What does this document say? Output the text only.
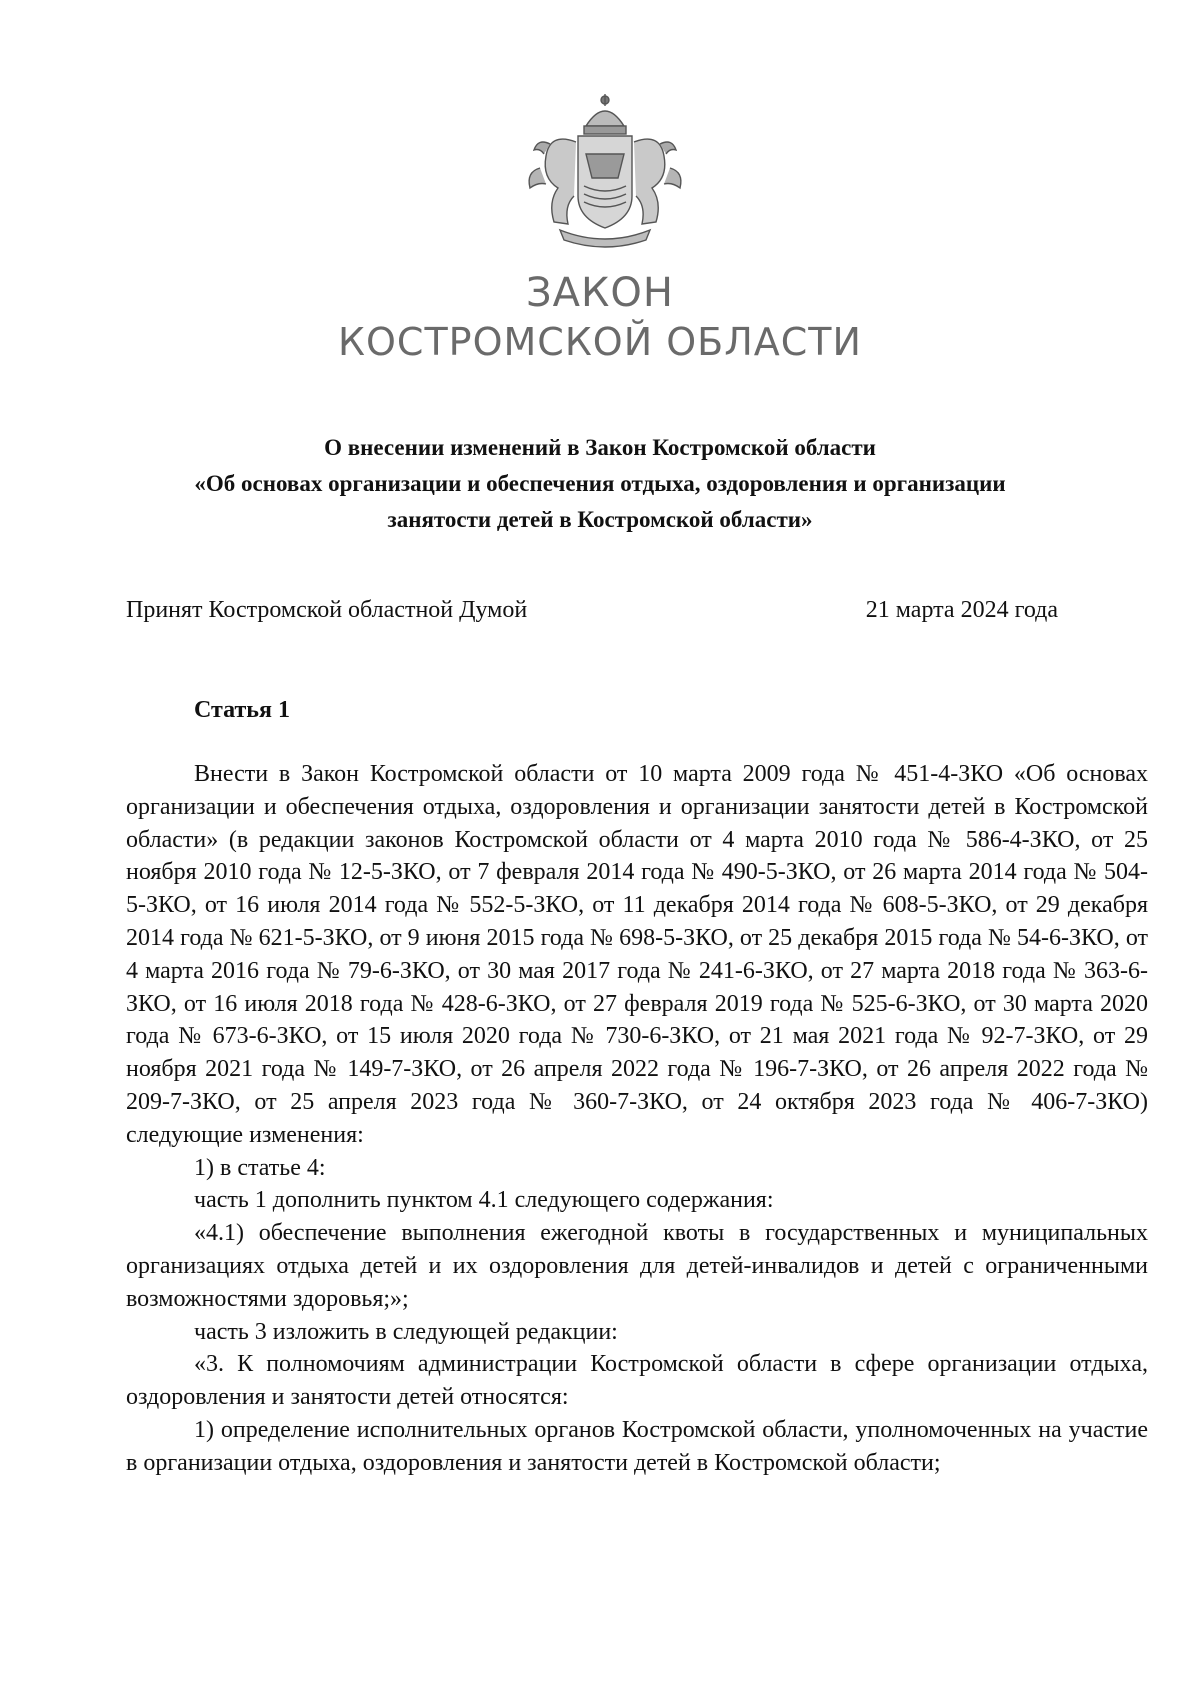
ЗАКОН
КОСТРОМСКОЙ ОБЛАСТИ
О внесении изменений в Закон Костромской области
«Об основах организации и обеспечения отдыха, оздоровления и организации
занятости детей в Костромской области»
Принят Костромской областной Думой	21 марта 2024 года
Статья 1

Внести в Закон Костромской области от 10 марта 2009 года № 451-4-ЗКО «Об основах организации и обеспечения отдыха, оздоровления и организации занятости детей в Костромской области» (в редакции законов Костромской области от 4 марта 2010 года № 586-4-ЗКО, от 25 ноября 2010 года № 12-5-ЗКО, от 7 февраля 2014 года № 490-5-ЗКО, от 26 марта 2014 года № 504-5-ЗКО, от 16 июля 2014 года № 552-5-ЗКО, от 11 декабря 2014 года № 608-5-ЗКО, от 29 декабря 2014 года № 621-5-ЗКО, от 9 июня 2015 года № 698-5-ЗКО, от 25 декабря 2015 года № 54-6-ЗКО, от 4 марта 2016 года № 79-6-ЗКО, от 30 мая 2017 года № 241-6-ЗКО, от 27 марта 2018 года № 363-6-ЗКО, от 16 июля 2018 года № 428-6-ЗКО, от 27 февраля 2019 года № 525-6-ЗКО, от 30 марта 2020 года № 673-6-ЗКО, от 15 июля 2020 года № 730-6-ЗКО, от 21 мая 2021 года № 92-7-ЗКО, от 29 ноября 2021 года № 149-7-ЗКО, от 26 апреля 2022 года № 196-7-ЗКО, от 26 апреля 2022 года № 209-7-ЗКО, от 25 апреля 2023 года № 360-7-ЗКО, от 24 октября 2023 года № 406-7-ЗКО) следующие изменения:

1) в статье 4:

часть 1 дополнить пунктом 4.1 следующего содержания:

«4.1) обеспечение выполнения ежегодной квоты в государственных и муниципальных организациях отдыха детей и их оздоровления для детей-инвалидов и детей с ограниченными возможностями здоровья;»;

часть 3 изложить в следующей редакции:

«3. К полномочиям администрации Костромской области в сфере организации отдыха, оздоровления и занятости детей относятся:

1) определение исполнительных органов Костромской области, уполномоченных на участие в организации отдыха, оздоровления и занятости детей в Костромской области;
